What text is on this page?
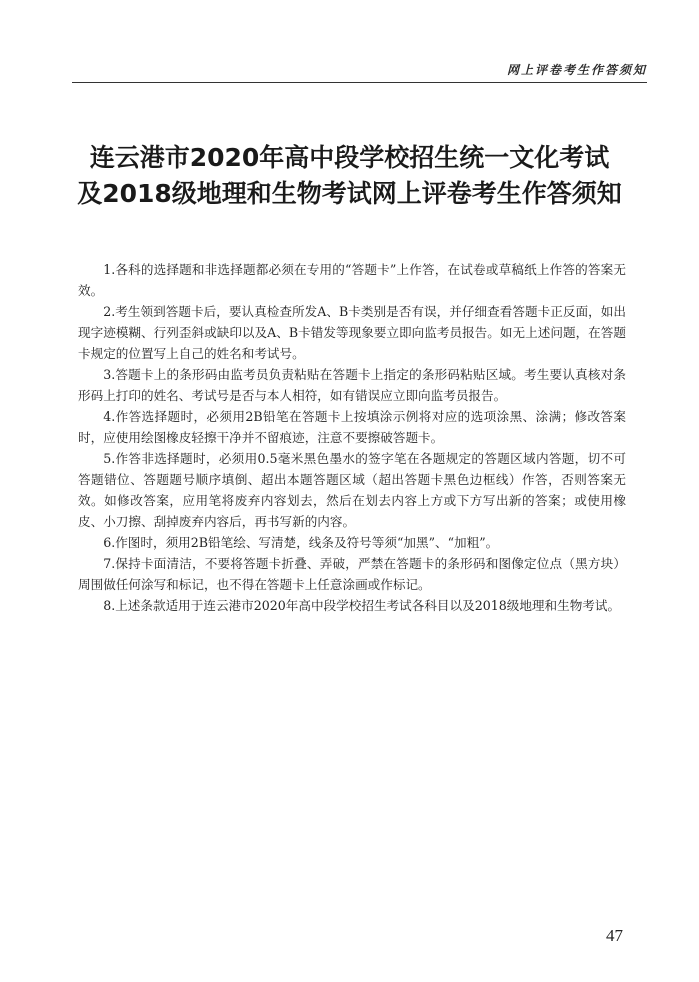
网上评卷考生作答须知
连云港市2020年高中段学校招生统一文化考试
及2018级地理和生物考试网上评卷考生作答须知

1.各科的选择题和非选择题都必须在专用的“答题卡”上作答，在试卷或草稿纸上作答的答案无效。

2.考生领到答题卡后，要认真检查所发A、B卡类别是否有误，并仔细查看答题卡正反面，如出现字迹模糊、行列歪斜或缺印以及A、B卡错发等现象要立即向监考员报告。如无上述问题，在答题卡规定的位置写上自己的姓名和考试号。

3.答题卡上的条形码由监考员负责粘贴在答题卡上指定的条形码粘贴区域。考生要认真核对条形码上打印的姓名、考试号是否与本人相符，如有错误应立即向监考员报告。

4.作答选择题时，必须用2B铅笔在答题卡上按填涂示例将对应的选项涂黑、涂满；修改答案时，应使用绘图橡皮轻擦干净并不留痕迹，注意不要擦破答题卡。

5.作答非选择题时，必须用0.5毫米黑色墨水的签字笔在各题规定的答题区域内答题，切不可答题错位、答题题号顺序填倒、超出本题答题区域（超出答题卡黑色边框线）作答，否则答案无效。如修改答案，应用笔将废弃内容划去，然后在划去内容上方或下方写出新的答案；或使用橡皮、小刀擦、刮掉废弃内容后，再书写新的内容。

6.作图时，须用2B铅笔绘、写清楚，线条及符号等须“加黑”、“加粗”。

7.保持卡面清洁，不要将答题卡折叠、弄破，严禁在答题卡的条形码和图像定位点（黑方块）周围做任何涂写和标记，也不得在答题卡上任意涂画或作标记。

8.上述条款适用于连云港市2020年高中段学校招生考试各科目以及2018级地理和生物考试。

47
